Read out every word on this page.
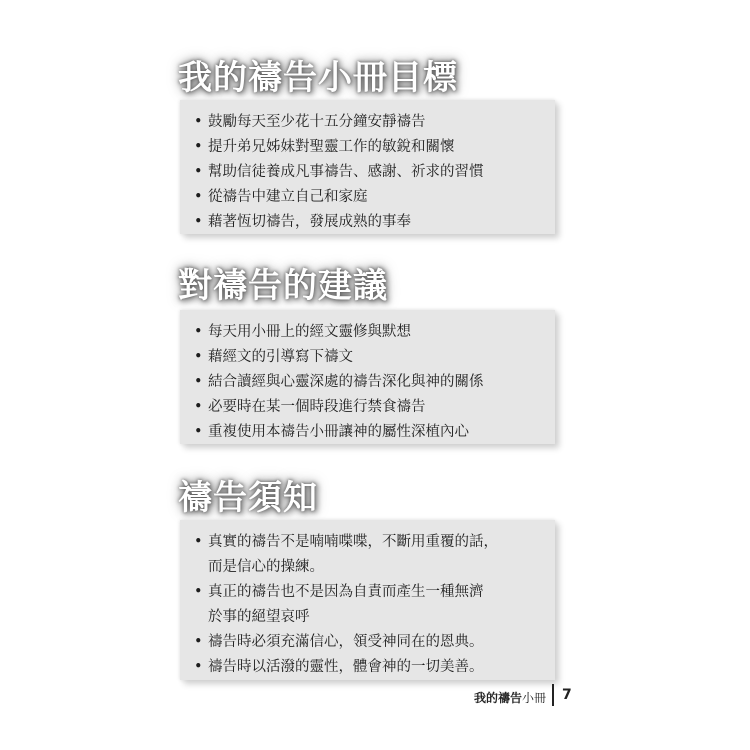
我的禱告小冊目標
• 鼓勵每天至少花十五分鐘安靜禱告
• 提升弟兄姊妹對聖靈工作的敏銳和關懷
• 幫助信徒養成凡事禱告、感謝、祈求的習慣
• 從禱告中建立自己和家庭
• 藉著恆切禱告，發展成熟的事奉
對禱告的建議
• 每天用小冊上的經文靈修與默想
• 藉經文的引導寫下禱文
• 結合讀經與心靈深處的禱告深化與神的關係
• 必要時在某一個時段進行禁食禱告
• 重複使用本禱告小冊讓神的屬性深植內心
禱告須知
• 真實的禱告不是喃喃喋喋，不斷用重覆的話，
而是信心的操練。
• 真正的禱告也不是因為自責而產生一種無濟
於事的絕望哀呼
• 禱告時必須充滿信心，領受神同在的恩典。
• 禱告時以活潑的靈性，體會神的一切美善。
我的禱告小冊 7
